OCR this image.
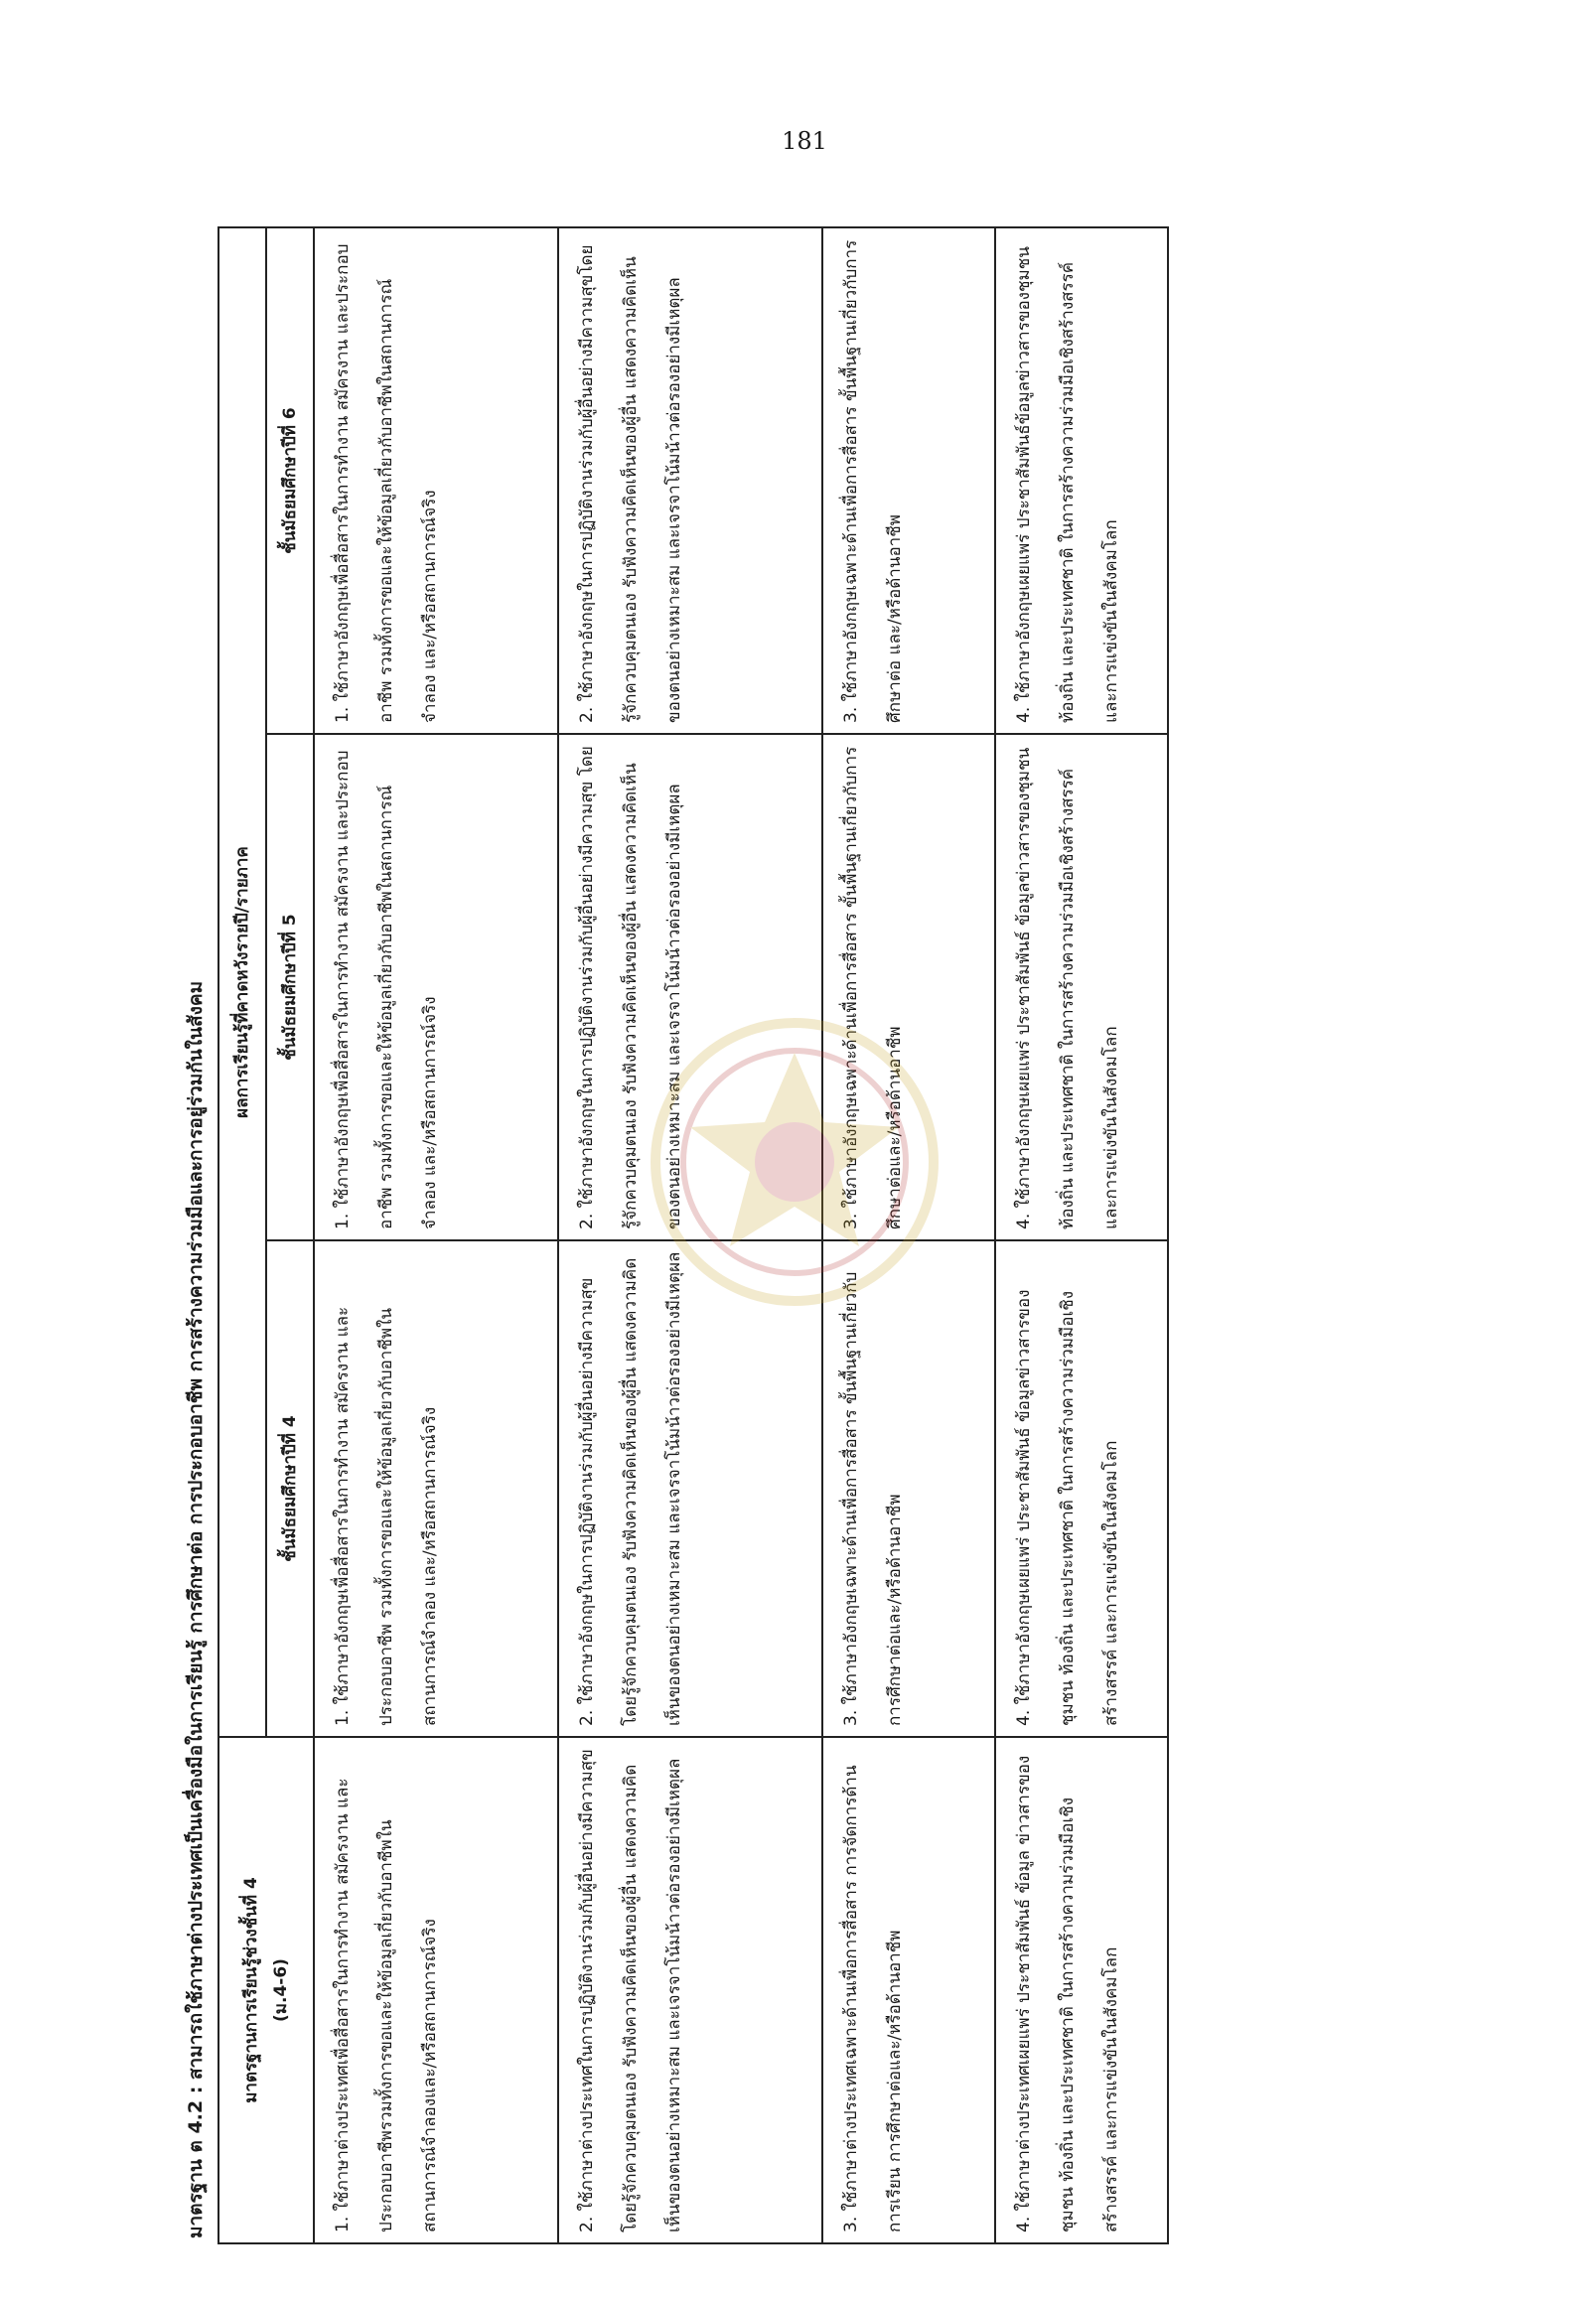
181
มาตรฐาน ต 4.2 : สามารถใช้ภาษาต่างประเทศเป็นเครื่องมือในการเรียนรู้ การศึกษาต่อ การประกอบอาชีพ การสร้างความร่วมมือและการอยู่ร่วมกันในสังคม	มาตรฐานการเรียนรู้ช่วงชั้นที่ 4 (ม.4-6)	ผลการเรียนรู้ที่คาดหวังรายปี/รายภาค		
	ชั้นมัธยมศึกษาปีที่ 4	ชั้นมัธยมศึกษาปีที่ 5	ชั้นมัธยมศึกษาปีที่ 6
1. ใช้ภาษาต่างประเทศเพื่อสื่อสารในการทำงาน สมัครงาน และประกอบอาชีพรวมทั้งการขอและให้ข้อมูลเกี่ยวกับอาชีพในสถานการณ์จำลองและ/หรือสถานการณ์จริง	1. ใช้ภาษาอังกฤษเพื่อสื่อสารในการทำงาน สมัครงาน และประกอบอาชีพ รวมทั้งการขอและให้ข้อมูลเกี่ยวกับอาชีพในสถานการณ์จำลอง และ/หรือสถานการณ์จริง	1. ใช้ภาษาอังกฤษเพื่อสื่อสารในการทำงาน สมัครงาน และประกอบอาชีพ รวมทั้งการขอและให้ข้อมูลเกี่ยวกับอาชีพในสถานการณ์ จำลอง และ/หรือสถานการณ์จริง	1. ใช้ภาษาอังกฤษเพื่อสื่อสารในการทำงาน สมัครงาน และประกอบอาชีพ รวมทั้งการขอและให้ข้อมูลเกี่ยวกับอาชีพในสถานการณ์จำลอง และ/หรือสถานการณ์จริง
2. ใช้ภาษาต่างประเทศในการปฏิบัติงานร่วมกับผู้อื่นอย่างมีความสุขโดยรู้จักควบคุมตนเอง รับฟังความคิดเห็นของผู้อื่น แสดงความคิดเห็นของตนอย่างเหมาะสม และเจรจาโน้มน้าวต่อรองอย่างมีเหตุผล	2. ใช้ภาษาอังกฤษในการปฏิบัติงานร่วมกับผู้อื่นอย่างมีความสุข โดยรู้จักควบคุมตนเอง รับฟังความคิดเห็นของผู้อื่น แสดงความคิดเห็นของตนอย่างเหมาะสม และเจรจาโน้มน้าวต่อรองอย่างมีเหตุผล	2. ใช้ภาษาอังกฤษในการปฏิบัติงานร่วมกับผู้อื่นอย่างมีความสุข โดยรู้จักควบคุมตนเอง รับฟังความคิดเห็นของผู้อื่น แสดงความคิดเห็นของตนอย่างเหมาะสม และเจรจาโน้มน้าวต่อรองอย่างมีเหตุผล	2. ใช้ภาษาอังกฤษในการปฏิบัติงานร่วมกับผู้อื่นอย่างมีความสุขโดยรู้จักควบคุมตนเอง รับฟังความคิดเห็นของผู้อื่น แสดงความคิดเห็นของตนอย่างเหมาะสม และเจรจาโน้มน้าวต่อรองอย่างมีเหตุผล
3. ใช้ภาษาต่างประเทศเฉพาะด้านเพื่อการสื่อสาร การจัดการด้านการเรียน การศึกษาต่อและ/หรือด้านอาชีพ	3. ใช้ภาษาอังกฤษเฉพาะด้านเพื่อการสื่อสาร ขั้นพื้นฐานเกี่ยวกับการศึกษาต่อและ/หรือด้านอาชีพ	3. ใช้ภาษาอังกฤษเฉพาะด้านเพื่อการสื่อสาร ขั้นพื้นฐานเกี่ยวกับการศึกษาต่อและ/หรือด้านอาชีพ	3. ใช้ภาษาอังกฤษเฉพาะด้านเพื่อการสื่อสาร ขั้นพื้นฐานเกี่ยวกับการศึกษาต่อ และ/หรือด้านอาชีพ
4. ใช้ภาษาต่างประเทศเผยแพร่ ประชาสัมพันธ์ ข้อมูล ข่าวสารของชุมชน ท้องถิ่น และประเทศชาติ ในการสร้างความร่วมมือเชิงสร้างสรรค์ และการแข่งขันในสังคมโลก	4. ใช้ภาษาอังกฤษเผยแพร่ ประชาสัมพันธ์ ข้อมูลข่าวสารของชุมชน ท้องถิ่น และประเทศชาติ ในการสร้างความร่วมมือเชิงสร้างสรรค์ และการแข่งขันในสังคมโลก	4. ใช้ภาษาอังกฤษเผยแพร่ ประชาสัมพันธ์ ข้อมูลข่าวสารของชุมชน ท้องถิ่น และประเทศชาติ ในการสร้างความร่วมมือเชิงสร้างสรรค์ และการแข่งขันในสังคมโลก	4. ใช้ภาษาอังกฤษเผยแพร่ ประชาสัมพันธ์ข้อมูลข่าวสารของชุมชน ท้องถิ่น และประเทศชาติ ในการสร้างความร่วมมือเชิงสร้างสรรค์ และการแข่งขันในสังคมโลก
